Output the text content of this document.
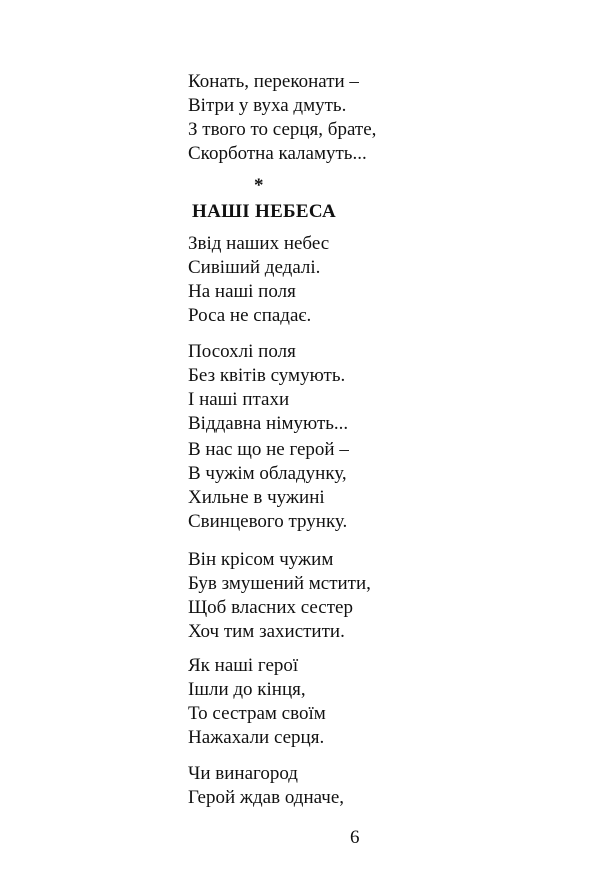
Конать, переконати –
Вітри у вуха дмуть.
З твого то серця, брате,
Скорботна каламуть...
*
НАШІ НЕБЕСА
Звід наших небес
Сивіший дедалі.
На наші поля
Роса не спадає.
Посохлі поля
Без квітів сумують.
І наші птахи
Віддавна німують...
В нас що не герой –
В чужім обладунку,
Хильне в чужині
Свинцевого трунку.
Він крісом чужим
Був змушений мстити,
Щоб власних сестер
Хоч тим захистити.
Як наші герої
Ішли до кінця,
То сестрам своїм
Нажахали серця.
Чи винагород
Герой ждав одначе,
6
